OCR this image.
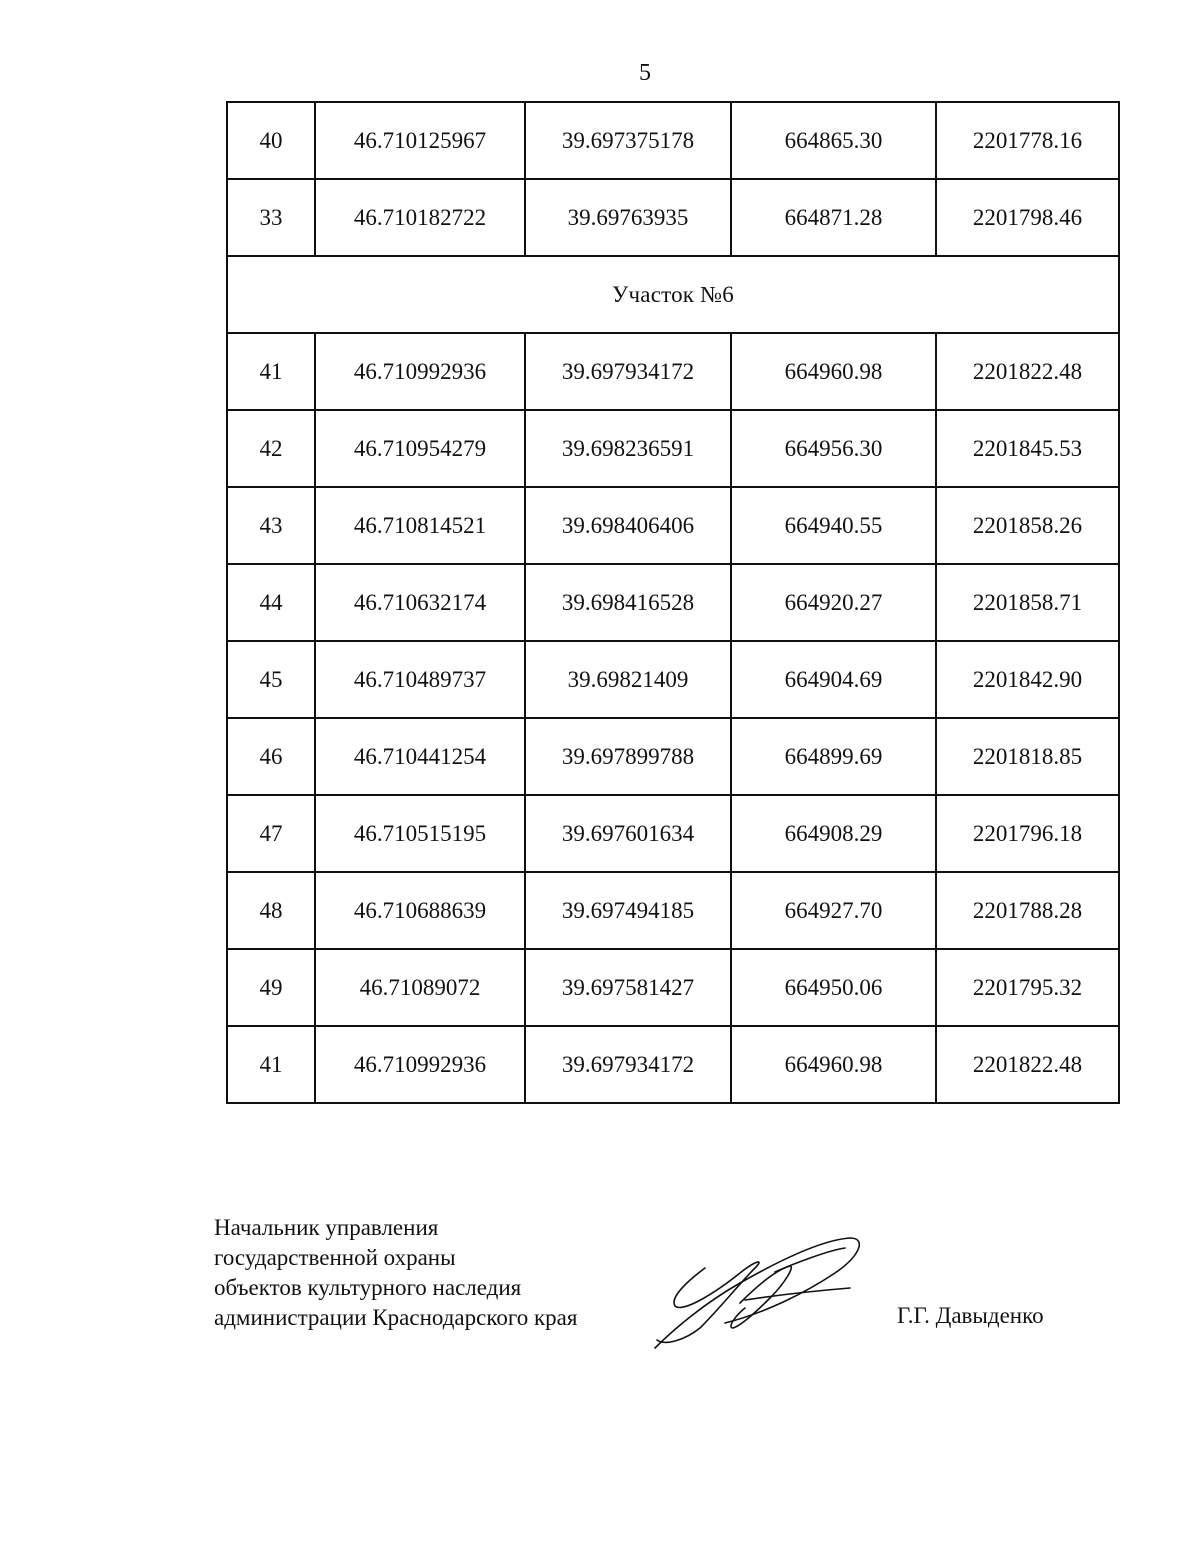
5
40	46.710125967	39.697375178	664865.30	2201778.16
33	46.710182722	39.69763935	664871.28	2201798.46
Участок №6				
41	46.710992936	39.697934172	664960.98	2201822.48
42	46.710954279	39.698236591	664956.30	2201845.53
43	46.710814521	39.698406406	664940.55	2201858.26
44	46.710632174	39.698416528	664920.27	2201858.71
45	46.710489737	39.69821409	664904.69	2201842.90
46	46.710441254	39.697899788	664899.69	2201818.85
47	46.710515195	39.697601634	664908.29	2201796.18
48	46.710688639	39.697494185	664927.70	2201788.28
49	46.71089072	39.697581427	664950.06	2201795.32
41	46.710992936	39.697934172	664960.98	2201822.48
Начальник управления
государственной охраны
объектов культурного наследия
администрации Краснодарского края	Г.Г. Давыденко
